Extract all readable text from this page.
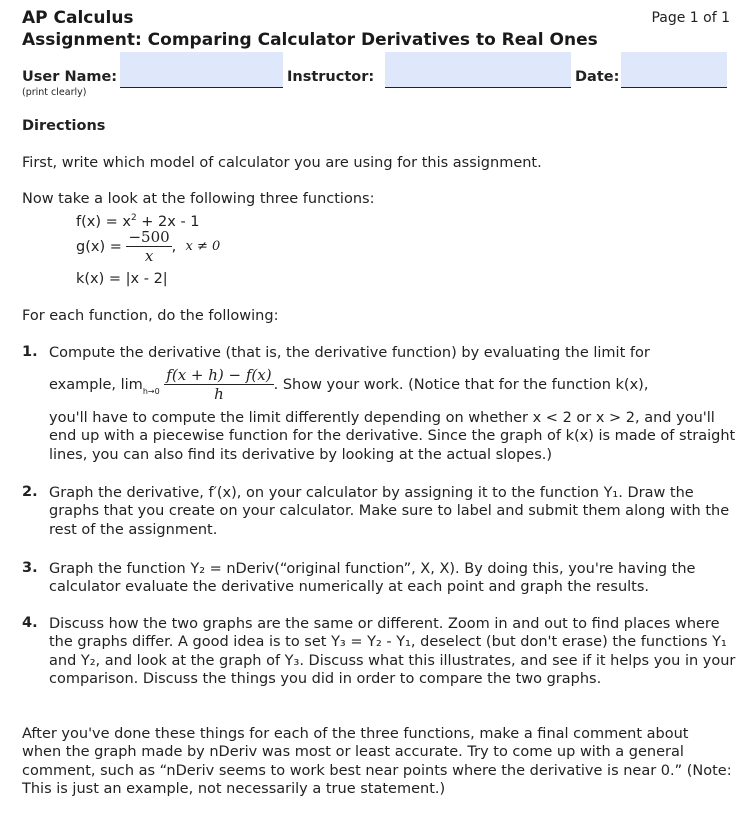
AP Calculus
Assignment: Comparing Calculator Derivatives to Real Ones
Page 1 of 1
User Name:
(print clearly)
Instructor:	Date:
Directions
First, write which model of calculator you are using for this assignment.
Now take a look at the following three functions:
$f(x) = x^2 + 2x - 1$
$g(x) = \frac{-500}{x}$ ,  x ≠ 0
k(x) = |x - 2|
For each function, do the following:
1. Compute the derivative (that is, the derivative function) by evaluating the limit for
example, $\lim h\to 0 \frac{f(x + h) - f(x)}{h}$ . Show your work. (Notice that for the function k(x),
you'll have to compute the limit differently depending on whether x < 2 or x > 2, and you'll end up with a piecewise function for the derivative. Since the graph of k(x) is made of straight lines, you can also find its derivative by looking at the actual slopes.)
2. Graph the derivative, f′(x), on your calculator by assigning it to the function Y₁. Draw the graphs that you create on your calculator. Make sure to label and submit them along with the rest of the assignment.
3. Graph the function Y₂ = nDeriv(“original function”, X, X). By doing this, you're having the calculator evaluate the derivative numerically at each point and graph the results.
4. Discuss how the two graphs are the same or different. Zoom in and out to find places where the graphs differ. A good idea is to set Y₃ = Y₂ - Y₁, deselect (but don't erase) the functions Y₁ and Y₂, and look at the graph of Y₃. Discuss what this illustrates, and see if it helps you in your comparison. Discuss the things you did in order to compare the two graphs.
After you've done these things for each of the three functions, make a final comment about when the graph made by nDeriv was most or least accurate. Try to come up with a general comment, such as “nDeriv seems to work best near points where the derivative is near 0.” (Note: This is just an example, not necessarily a true statement.)
